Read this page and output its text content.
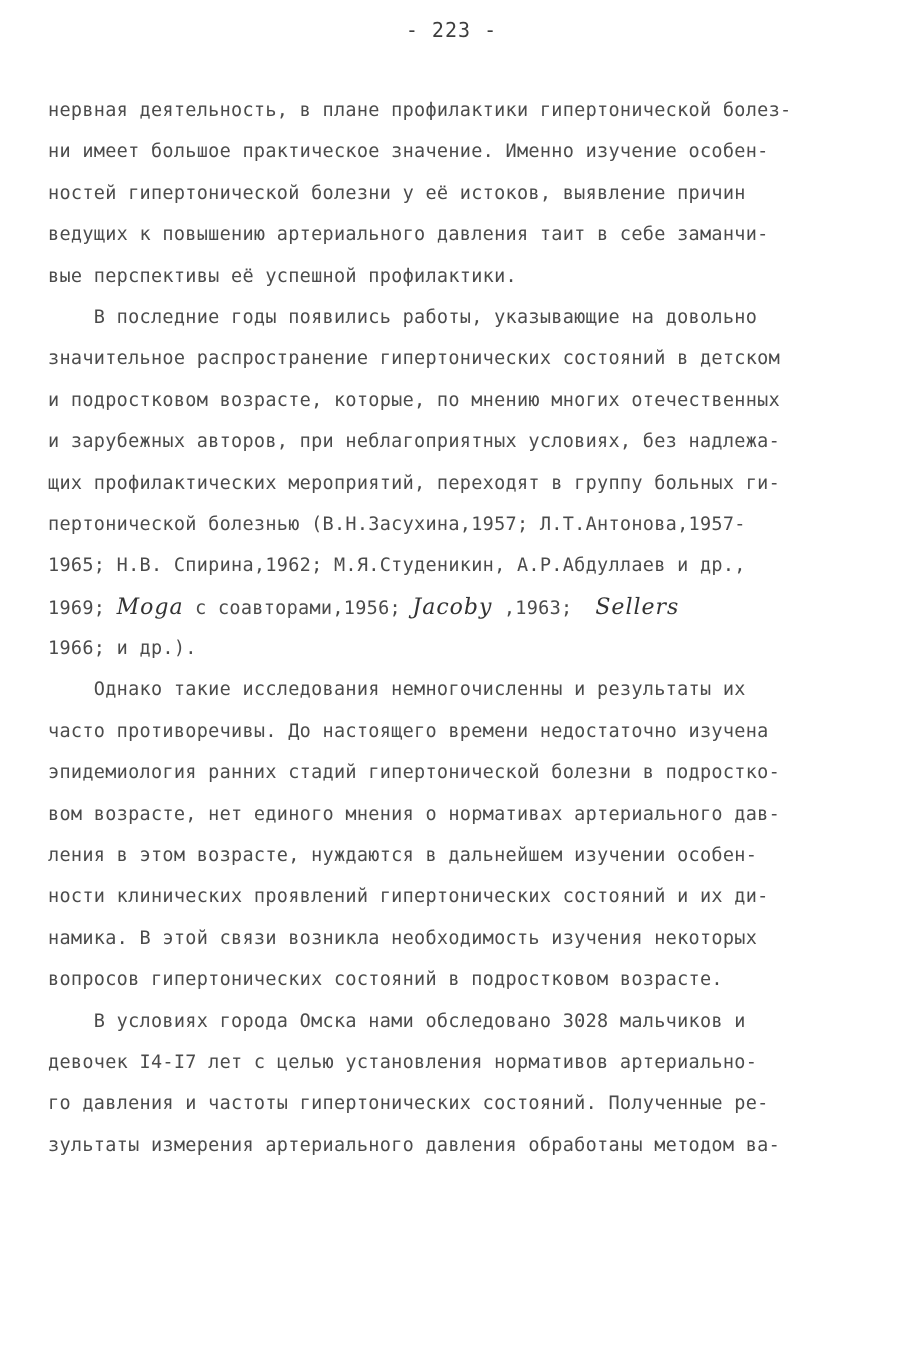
- 223 -
нервная деятельность, в плане профилактики гипертонической болез-
ни имеет большое практическое значение. Именно изучение особен-
ностей гипертонической болезни у её истоков, выявление причин
ведущих к повышению артериального давления таит в себе заманчи-
вые перспективы её успешной профилактики.
В последние годы появились работы, указывающие на довольно
значительное распространение гипертонических состояний в детском
и подростковом возрасте, которые, по мнению многих отечественных
и зарубежных авторов, при неблагоприятных условиях, без надлежа-
щих профилактических мероприятий, переходят в группу больных ги-
пертонической болезнью (В.Н.Засухина,1957; Л.Т.Антонова,1957-
1965; Н.В. Спирина,1962; М.Я.Студеникин, А.Р.Абдуллаев и др.,
1969; Moga с соавторами,1956; Jacoby ,1963;  Sellers
1966; и др.).
Однако такие исследования немногочисленны и результаты их
часто противоречивы. До настоящего времени недостаточно изучена
эпидемиология ранних стадий гипертонической болезни в подростко-
вом возрасте, нет единого мнения о нормативах артериального дав-
ления в этом возрасте, нуждаются в дальнейшем изучении особен-
ности клинических проявлений гипертонических состояний и их ди-
намика. В этой связи возникла необходимость изучения некоторых
вопросов гипертонических состояний в подростковом возрасте.
В условиях города Омска нами обследовано 3028 мальчиков и
девочек I4-I7 лет с целью установления нормативов артериально-
го давления и частоты гипертонических состояний. Полученные ре-
зультаты измерения артериального давления обработаны методом ва-
